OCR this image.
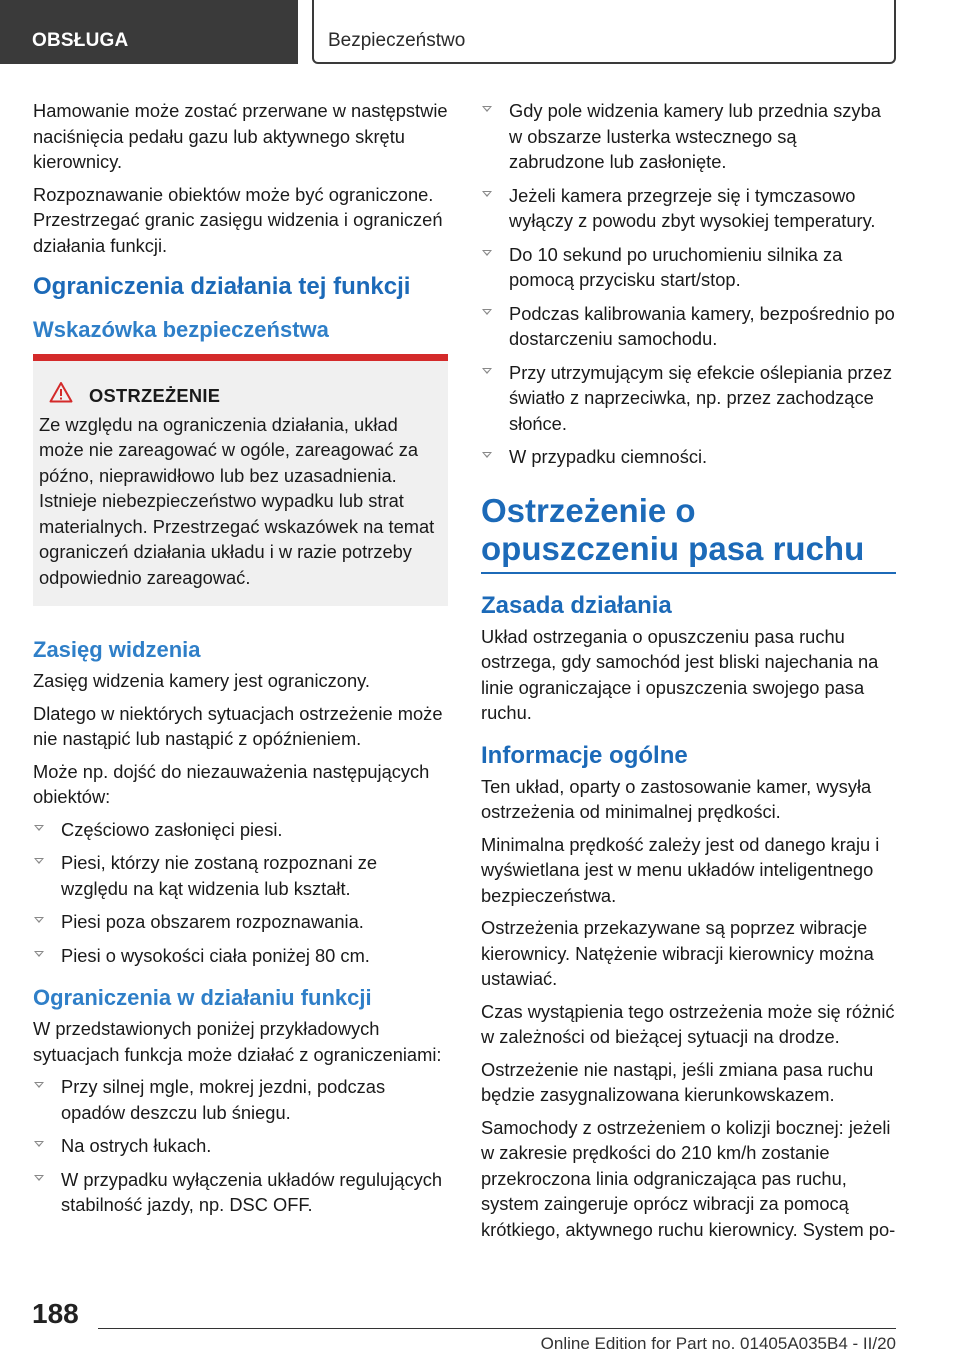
OBSŁUGA	Bezpieczeństwo

Hamowanie może zostać przerwane w następstwie naciśnięcia pedału gazu lub aktywnego skrętu kierownicy.

Rozpoznawanie obiektów może być ograniczone. Przestrzegać granic zasięgu widzenia i ograniczeń działania funkcji.

Ograniczenia działania tej funkcji
Wskazówka bezpieczeństwa
OSTRZEŻENIE
Ze względu na ograniczenia działania, układ może nie zareagować w ogóle, zareagować za późno, nieprawidłowo lub bez uzasadnienia. Istnieje niebezpieczeństwo wypadku lub strat materialnych. Przestrzegać wskazówek na temat ograniczeń działania układu i w razie potrzeby odpowiednio zareagować.
Zasięg widzenia

Zasięg widzenia kamery jest ograniczony.

Dlatego w niektórych sytuacjach ostrzeżenie może nie nastąpić lub nastąpić z opóźnieniem.

Może np. dojść do niezauważenia następujących obiektów:

Częściowo zasłonięci piesi.
Piesi, którzy nie zostaną rozpoznani ze względu na kąt widzenia lub kształt.
Piesi poza obszarem rozpoznawania.
Piesi o wysokości ciała poniżej 80 cm.
Ograniczenia w działaniu funkcji

W przedstawionych poniżej przykładowych sytuacjach funkcja może działać z ograniczeniami:

Przy silnej mgle, mokrej jezdni, podczas opadów deszczu lub śniegu.
Na ostrych łukach.
W przypadku wyłączenia układów regulujących stabilność jazdy, np. DSC OFF.
Gdy pole widzenia kamery lub przednia szyba w obszarze lusterka wstecznego są zabrudzone lub zasłonięte.
Jeżeli kamera przegrzeje się i tymczasowo wyłączy z powodu zbyt wysokiej temperatury.
Do 10 sekund po uruchomieniu silnika za pomocą przycisku start/stop.
Podczas kalibrowania kamery, bezpośrednio po dostarczeniu samochodu.
Przy utrzymującym się efekcie oślepiania przez światło z naprzeciwka, np. przez zachodzące słońce.
W przypadku ciemności.
Ostrzeżenie o opuszczeniu pasa ruchu
Zasada działania

Układ ostrzegania o opuszczeniu pasa ruchu ostrzega, gdy samochód jest bliski najechania na linie ograniczające i opuszczenia swojego pasa ruchu.

Informacje ogólne

Ten układ, oparty o zastosowanie kamer, wysyła ostrzeżenia od minimalnej prędkości.

Minimalna prędkość zależy jest od danego kraju i wyświetlana jest w menu układów inteligentnego bezpieczeństwa.

Ostrzeżenia przekazywane są poprzez wibracje kierownicy. Natężenie wibracji kierownicy można ustawiać.

Czas wystąpienia tego ostrzeżenia może się różnić w zależności od bieżącej sytuacji na drodze.

Ostrzeżenie nie nastąpi, jeśli zmiana pasa ruchu będzie zasygnalizowana kierunkowskazem.

Samochody z ostrzeżeniem o kolizji bocznej: jeżeli w zakresie prędkości do 210 km/h zostanie przekroczona linia odgraniczająca pas ruchu, system zaingeruje oprócz wibracji za pomocą krótkiego, aktywnego ruchu kierownicy. System po-

188
Online Edition for Part no. 01405A035B4 - II/20
